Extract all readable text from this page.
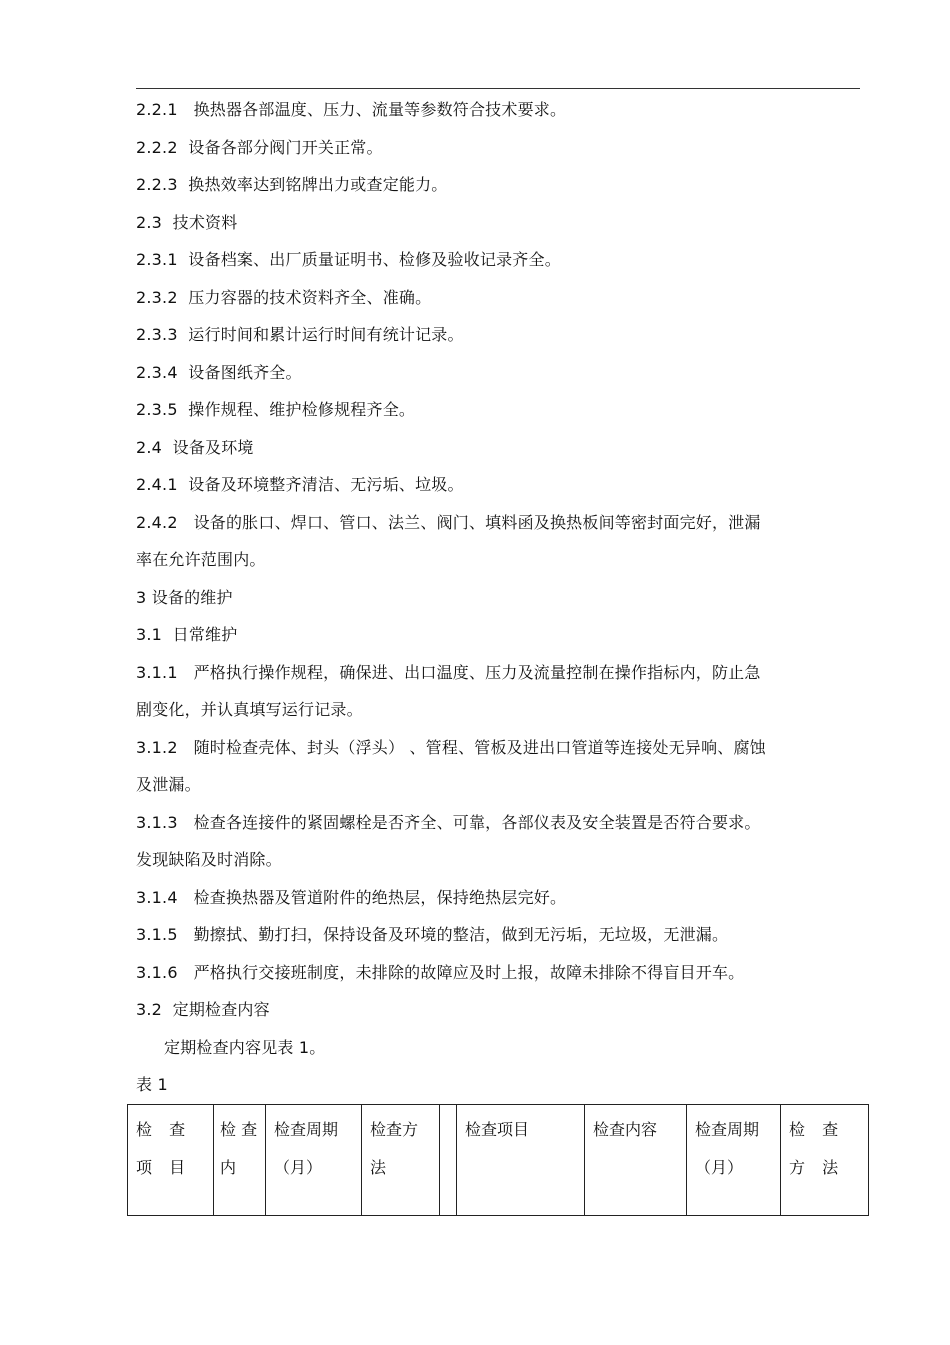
2.2.1 换热器各部温度、压力、流量等参数符合技术要求。
2.2.2 设备各部分阀门开关正常。
2.2.3 换热效率达到铭牌出力或查定能力。
2.3 技术资料
2.3.1 设备档案、出厂质量证明书、检修及验收记录齐全。
2.3.2 压力容器的技术资料齐全、准确。
2.3.3 运行时间和累计运行时间有统计记录。
2.3.4 设备图纸齐全。
2.3.5 操作规程、维护检修规程齐全。
2.4 设备及环境
2.4.1 设备及环境整齐清洁、无污垢、垃圾。
2.4.2 设备的胀口、焊口、管口、法兰、阀门、填料函及换热板间等密封面完好，泄漏
率在允许范围内。
3 设备的维护
3.1 日常维护
3.1.1 严格执行操作规程，确保进、出口温度、压力及流量控制在操作指标内，防止急
剧变化，并认真填写运行记录。
3.1.2 随时检查壳体、封头（浮头） 、管程、管板及进出口管道等连接处无异响、腐蚀
及泄漏。
3.1.3 检查各连接件的紧固螺栓是否齐全、可靠，各部仪表及安全装置是否符合要求。
发现缺陷及时消除。
3.1.4 检查换热器及管道附件的绝热层，保持绝热层完好。
3.1.5 勤擦拭、勤打扫，保持设备及环境的整洁，做到无污垢，无垃圾，无泄漏。
3.1.6 严格执行交接班制度，未排除的故障应及时上报，故障未排除不得盲目开车。
3.2 定期检查内容
定期检查内容见表 1。
表 1
检 查 项 目	检 查 内	检查周期（月）	检查方法		检查项目	检查内容	检查周期（月）	检 查 方 法
